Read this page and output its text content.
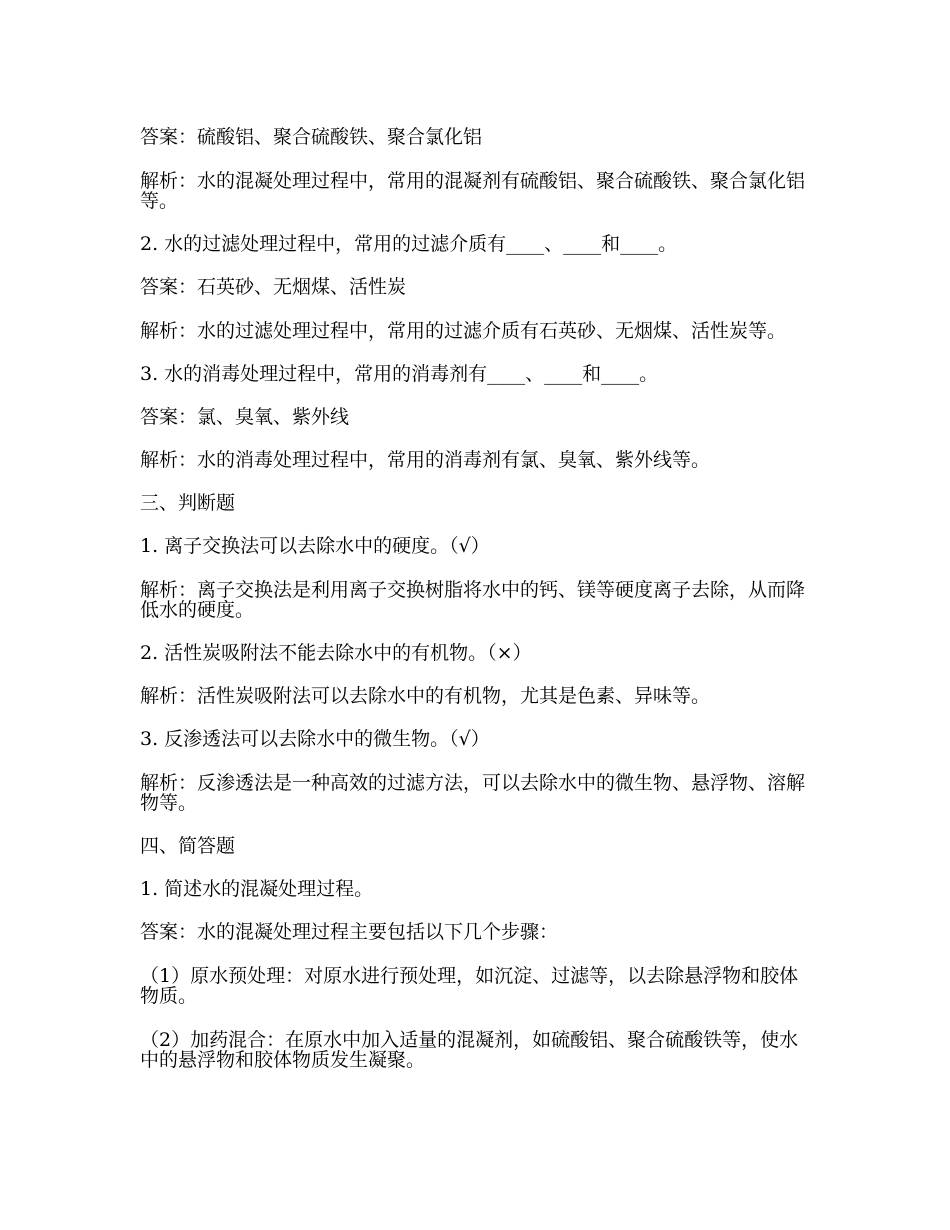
答案：硫酸铝、聚合硫酸铁、聚合氯化铝

解析：水的混凝处理过程中，常用的混凝剂有硫酸铝、聚合硫酸铁、聚合氯化铝等。

2. 水的过滤处理过程中，常用的过滤介质有____、____和____。

答案：石英砂、无烟煤、活性炭

解析：水的过滤处理过程中，常用的过滤介质有石英砂、无烟煤、活性炭等。

3. 水的消毒处理过程中，常用的消毒剂有____、____和____。

答案：氯、臭氧、紫外线

解析：水的消毒处理过程中，常用的消毒剂有氯、臭氧、紫外线等。

三、判断题

1. 离子交换法可以去除水中的硬度。（√）

解析：离子交换法是利用离子交换树脂将水中的钙、镁等硬度离子去除，从而降低水的硬度。

2. 活性炭吸附法不能去除水中的有机物。（×）

解析：活性炭吸附法可以去除水中的有机物，尤其是色素、异味等。

3. 反渗透法可以去除水中的微生物。（√）

解析：反渗透法是一种高效的过滤方法，可以去除水中的微生物、悬浮物、溶解物等。

四、简答题

1. 简述水的混凝处理过程。

答案：水的混凝处理过程主要包括以下几个步骤：

（1）原水预处理：对原水进行预处理，如沉淀、过滤等，以去除悬浮物和胶体物质。

（2）加药混合：在原水中加入适量的混凝剂，如硫酸铝、聚合硫酸铁等，使水中的悬浮物和胶体物质发生凝聚。
